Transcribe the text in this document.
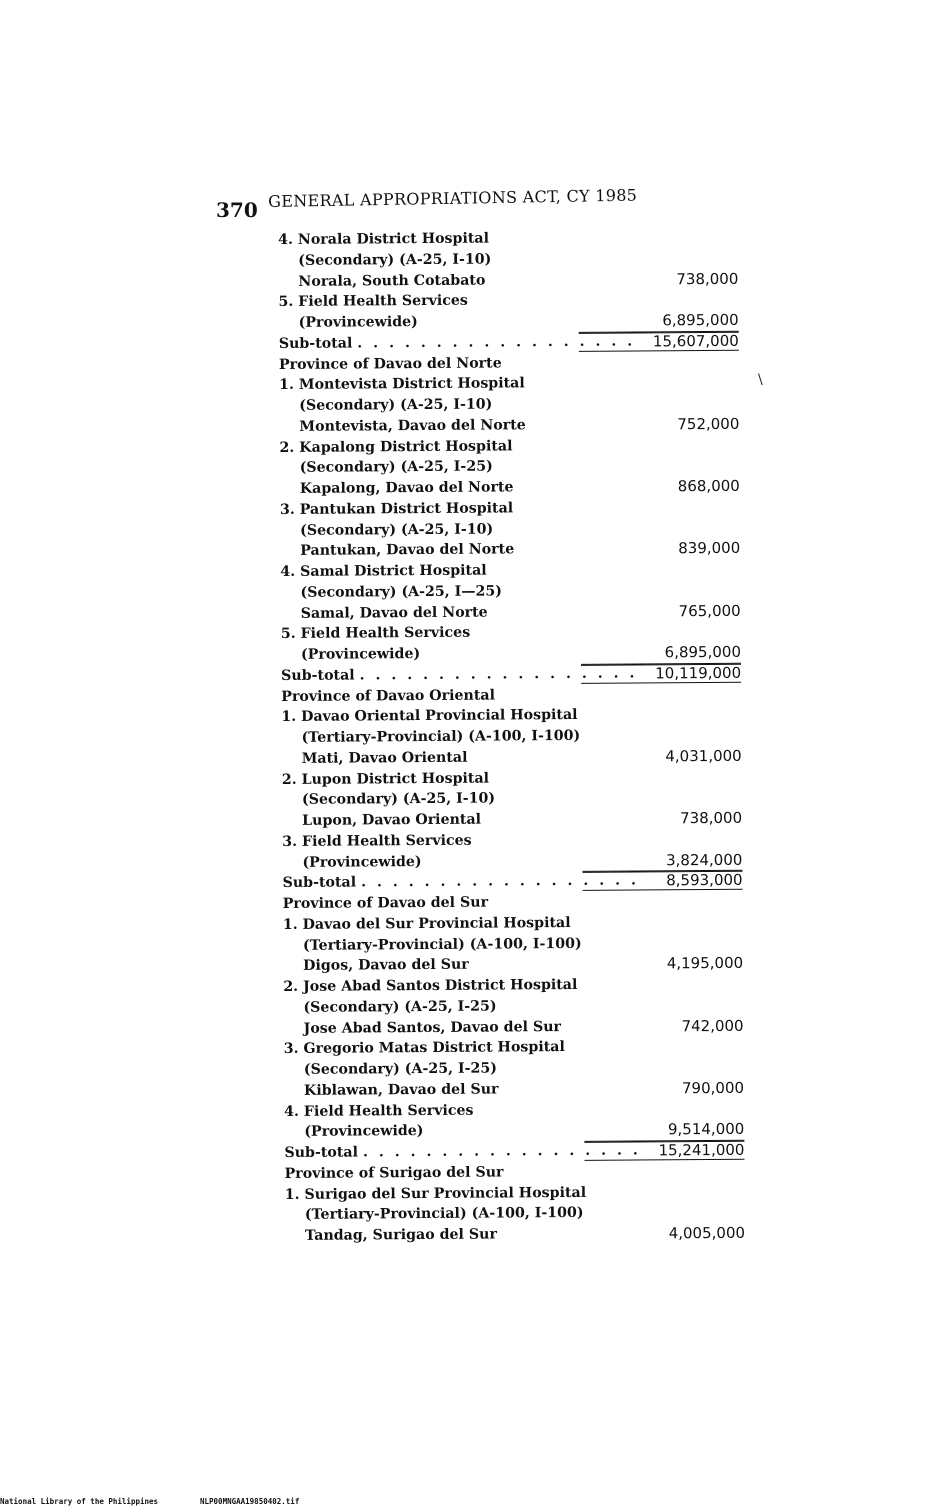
370 GENERAL APPROPRIATIONS ACT, CY 1985
4. Norala District Hospital
(Secondary) (A-25, I-10)
Norala, South Cotabato	738,000
5. Field Health Services
(Provincewide)	6,895,000
Sub-total . . . . . . . . . . . . . . . . . .	15,607,000
Province of Davao del Norte
1. Montevista District Hospital
(Secondary) (A-25, I-10)
Montevista, Davao del Norte	752,000
2. Kapalong District Hospital
(Secondary) (A-25, I-25)
Kapalong, Davao del Norte	868,000
3. Pantukan District Hospital
(Secondary) (A-25, I-10)
Pantukan, Davao del Norte	839,000
4. Samal District Hospital
(Secondary) (A-25, I—25)
Samal, Davao del Norte	765,000
5. Field Health Services
(Provincewide)	6,895,000
Sub-total . . . . . . . . . . . . . . . . . .	10,119,000
Province of Davao Oriental
1. Davao Oriental Provincial Hospital
(Tertiary-Provincial) (A-100, I-100)
Mati, Davao Oriental	4,031,000
2. Lupon District Hospital
(Secondary) (A-25, I-10)
Lupon, Davao Oriental	738,000
3. Field Health Services
(Provincewide)	3,824,000
Sub-total . . . . . . . . . . . . . . . . . .	8,593,000
Province of Davao del Sur
1. Davao del Sur Provincial Hospital
(Tertiary-Provincial) (A-100, I-100)
Digos, Davao del Sur	4,195,000
2. Jose Abad Santos District Hospital
(Secondary) (A-25, I-25)
Jose Abad Santos, Davao del Sur	742,000
3. Gregorio Matas District Hospital
(Secondary) (A-25, I-25)
Kiblawan, Davao del Sur	790,000
4. Field Health Services
(Provincewide)	9,514,000
Sub-total . . . . . . . . . . . . . . . . . .	15,241,000
Province of Surigao del Sur
1. Surigao del Sur Provincial Hospital
(Tertiary-Provincial) (A-100, I-100)
Tandag, Surigao del Sur	4,005,000
\
National Library of the Philippines	NLP00MNGAA19850402.tif
